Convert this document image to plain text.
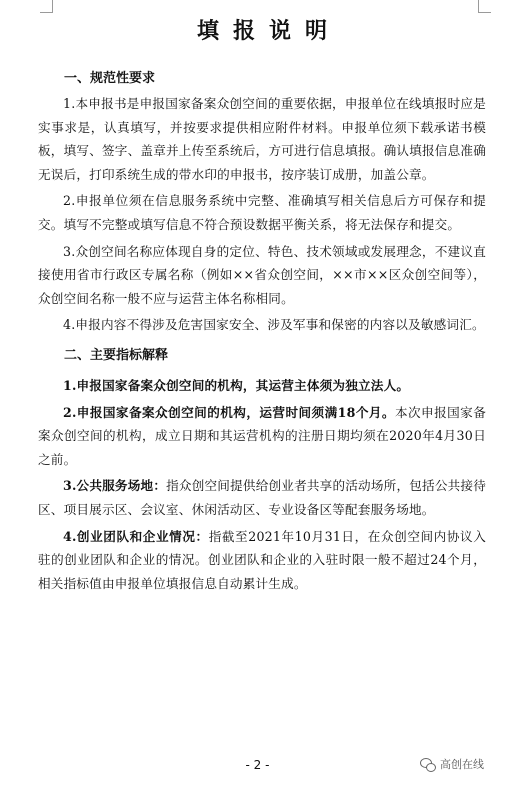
填报说明
一、规范性要求

1.本申报书是申报国家备案众创空间的重要依据，申报单位在线填报时应是实事求是，认真填写，并按要求提供相应附件材料。申报单位须下载承诺书模板，填写、签字、盖章并上传至系统后，方可进行信息填报。确认填报信息准确无误后，打印系统生成的带水印的申报书，按序装订成册，加盖公章。

2.申报单位须在信息服务系统中完整、准确填写相关信息后方可保存和提交。填写不完整或填写信息不符合预设数据平衡关系，将无法保存和提交。

3.众创空间名称应体现自身的定位、特色、技术领域或发展理念，不建议直接使用省市行政区专属名称（例如××省众创空间，××市××区众创空间等），众创空间名称一般不应与运营主体名称相同。

4.申报内容不得涉及危害国家安全、涉及军事和保密的内容以及敏感词汇。

二、主要指标解释

1.申报国家备案众创空间的机构，其运营主体须为独立法人。

2.申报国家备案众创空间的机构，运营时间须满18个月。本次申报国家备案众创空间的机构，成立日期和其运营机构的注册日期均须在2020年4月30日之前。

3.公共服务场地：指众创空间提供给创业者共享的活动场所，包括公共接待区、项目展示区、会议室、休闲活动区、专业设备区等配套服务场地。

4.创业团队和企业情况：指截至2021年10月31日，在众创空间内协议入驻的创业团队和企业的情况。创业团队和企业的入驻时限一般不超过24个月，相关指标值由申报单位填报信息自动累计生成。

- 2 -	高创在线
